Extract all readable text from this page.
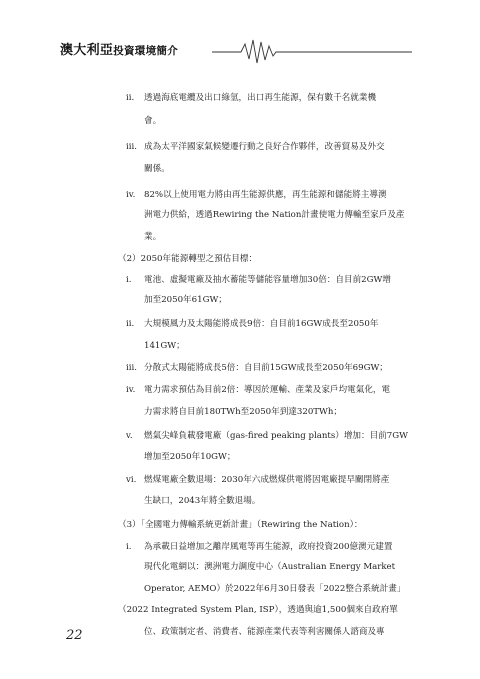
澳大利亞投資環境簡介
ii. 透過海底電纜及出口綠氫，出口再生能源，保有數千名就業機
會。
iii. 成為太平洋國家氣候變遷行動之良好合作夥伴，改善貿易及外交
關係。
iv. 82%以上使用電力將由再生能源供應，再生能源和儲能將主導澳
洲電力供給，透過Rewiring the Nation計畫使電力傳輸至家戶及產
業。
（2）2050年能源轉型之預估目標：
i. 電池、虛擬電廠及抽水蓄能等儲能容量增加30倍：自目前2GW增
加至2050年61GW；
ii. 大規模風力及太陽能將成長9倍：自目前16GW成長至2050年
141GW；
iii. 分散式太陽能將成長5倍：自目前15GW成長至2050年69GW；
iv. 電力需求預估為目前2倍：導因於運輸、產業及家戶均電氣化，電
力需求將自目前180TWh至2050年到達320TWh；
v. 燃氣尖峰負載發電廠（gas-fired peaking plants）增加：目前7GW
增加至2050年10GW；
vi. 燃煤電廠全數退場：2030年六成燃煤供電將因電廠提早關閉將產
生缺口，2043年將全數退場。
（3）「全國電力傳輸系統更新計畫」（Rewiring the Nation）：
i. 為承載日益增加之離岸風電等再生能源，政府投資200億澳元建置
現代化電網以：澳洲電力調度中心（Australian Energy Market
Operator, AEMO）於2022年6月30日發表「2022整合系統計畫」
（2022 Integrated System Plan, ISP），透過與逾1,500個來自政府單
位、政策制定者、消費者、能源產業代表等利害關係人諮商及專
22
